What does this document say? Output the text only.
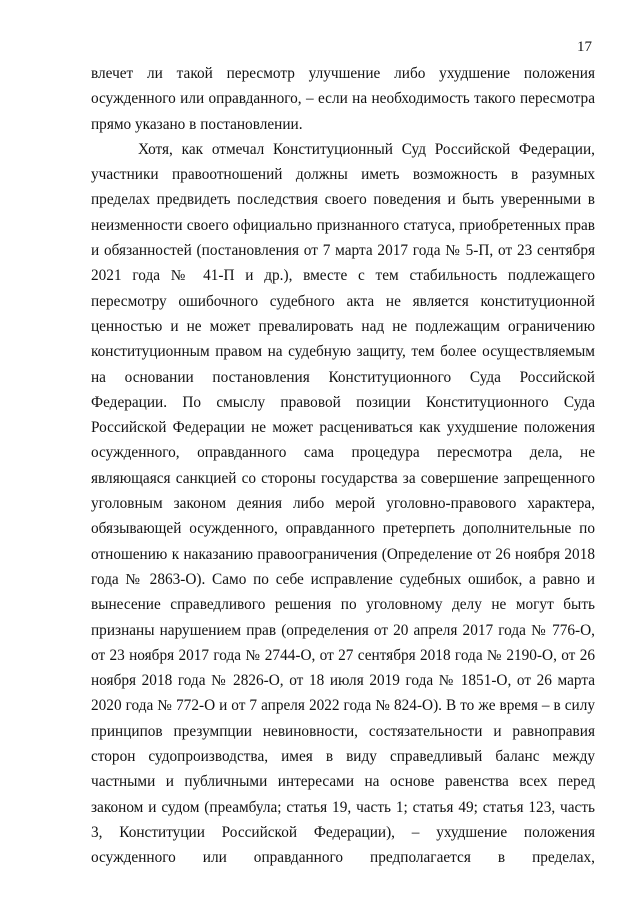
17

влечет ли такой пересмотр улучшение либо ухудшение положения осужденного или оправданного, – если на необходимость такого пересмотра прямо указано в постановлении.

Хотя, как отмечал Конституционный Суд Российской Федерации, участники правоотношений должны иметь возможность в разумных пределах предвидеть последствия своего поведения и быть уверенными в неизменности своего официально признанного статуса, приобретенных прав и обязанностей (постановления от 7 марта 2017 года № 5-П, от 23 сентября 2021 года № 41-П и др.), вместе с тем стабильность подлежащего пересмотру ошибочного судебного акта не является конституционной ценностью и не может превалировать над не подлежащим ограничению конституционным правом на судебную защиту, тем более осуществляемым на основании постановления Конституционного Суда Российской Федерации. По смыслу правовой позиции Конституционного Суда Российской Федерации не может расцениваться как ухудшение положения осужденного, оправданного сама процедура пересмотра дела, не являющаяся санкцией со стороны государства за совершение запрещенного уголовным законом деяния либо мерой уголовно-правового характера, обязывающей осужденного, оправданного претерпеть дополнительные по отношению к наказанию правоограничения (Определение от 26 ноября 2018 года № 2863-О). Само по себе исправление судебных ошибок, а равно и вынесение справедливого решения по уголовному делу не могут быть признаны нарушением прав (определения от 20 апреля 2017 года № 776-О, от 23 ноября 2017 года № 2744-О, от 27 сентября 2018 года № 2190-О, от 26 ноября 2018 года № 2826-О, от 18 июля 2019 года № 1851-О, от 26 марта 2020 года № 772-О и от 7 апреля 2022 года № 824-О). В то же время – в силу принципов презумпции невиновности, состязательности и равноправия сторон судопроизводства, имея в виду справедливый баланс между частными и публичными интересами на основе равенства всех перед законом и судом (преамбула; статья 19, часть 1; статья 49; статья 123, часть 3, Конституции Российской Федерации), – ухудшение положения осужденного или оправданного предполагается в пределах,
